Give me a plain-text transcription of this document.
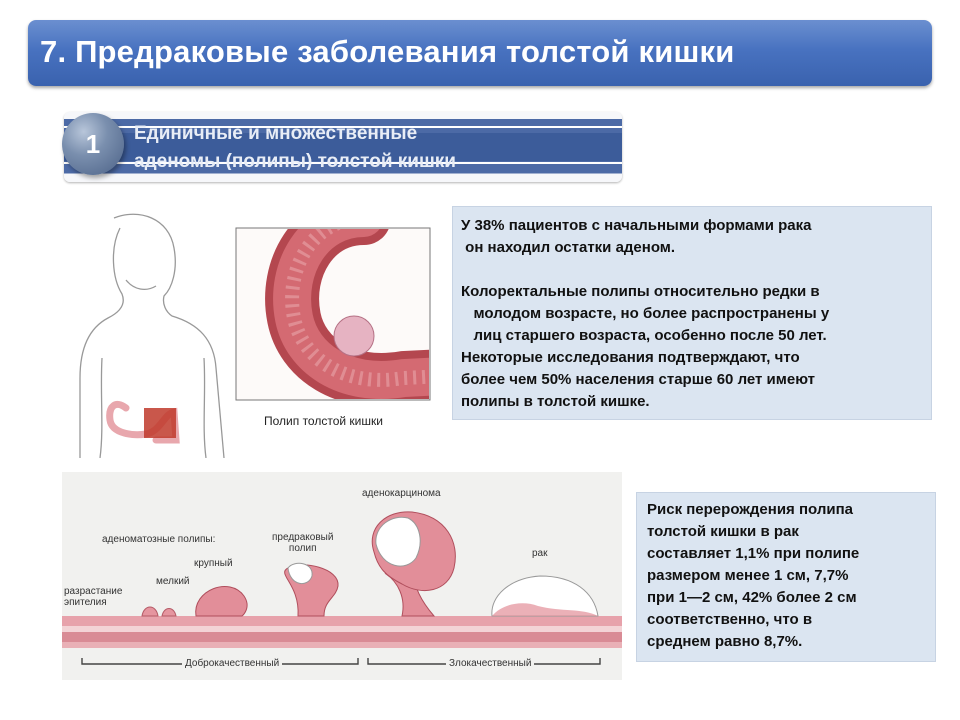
7. Предраковые заболевания толстой кишки
Единичные и множественные
аденомы (полипы) толстой кишки
1
Полип толстой кишки

У 38% пациентов с начальными формами рака

он находил остатки аденом.

Колоректальные полипы относительно редки в

молодом возрасте, но более распространены у

лиц старшего возраста, особенно после 50 лет.

Некоторые исследования подтверждают, что

более чем 50% населения старше 60 лет имеют

полипы в толстой кишке.

Доброкачественный	Злокачественный
аденокарцинома
аденоматозные полипы:
крупный
предраковый
полип
мелкий
разрастание
эпителия
рак

Риск перерождения полипа

толстой кишки в рак

составляет 1,1% при полипе

размером менее 1 см, 7,7%

при 1—2 см, 42% более 2 см

соответственно, что в

среднем равно 8,7%.
